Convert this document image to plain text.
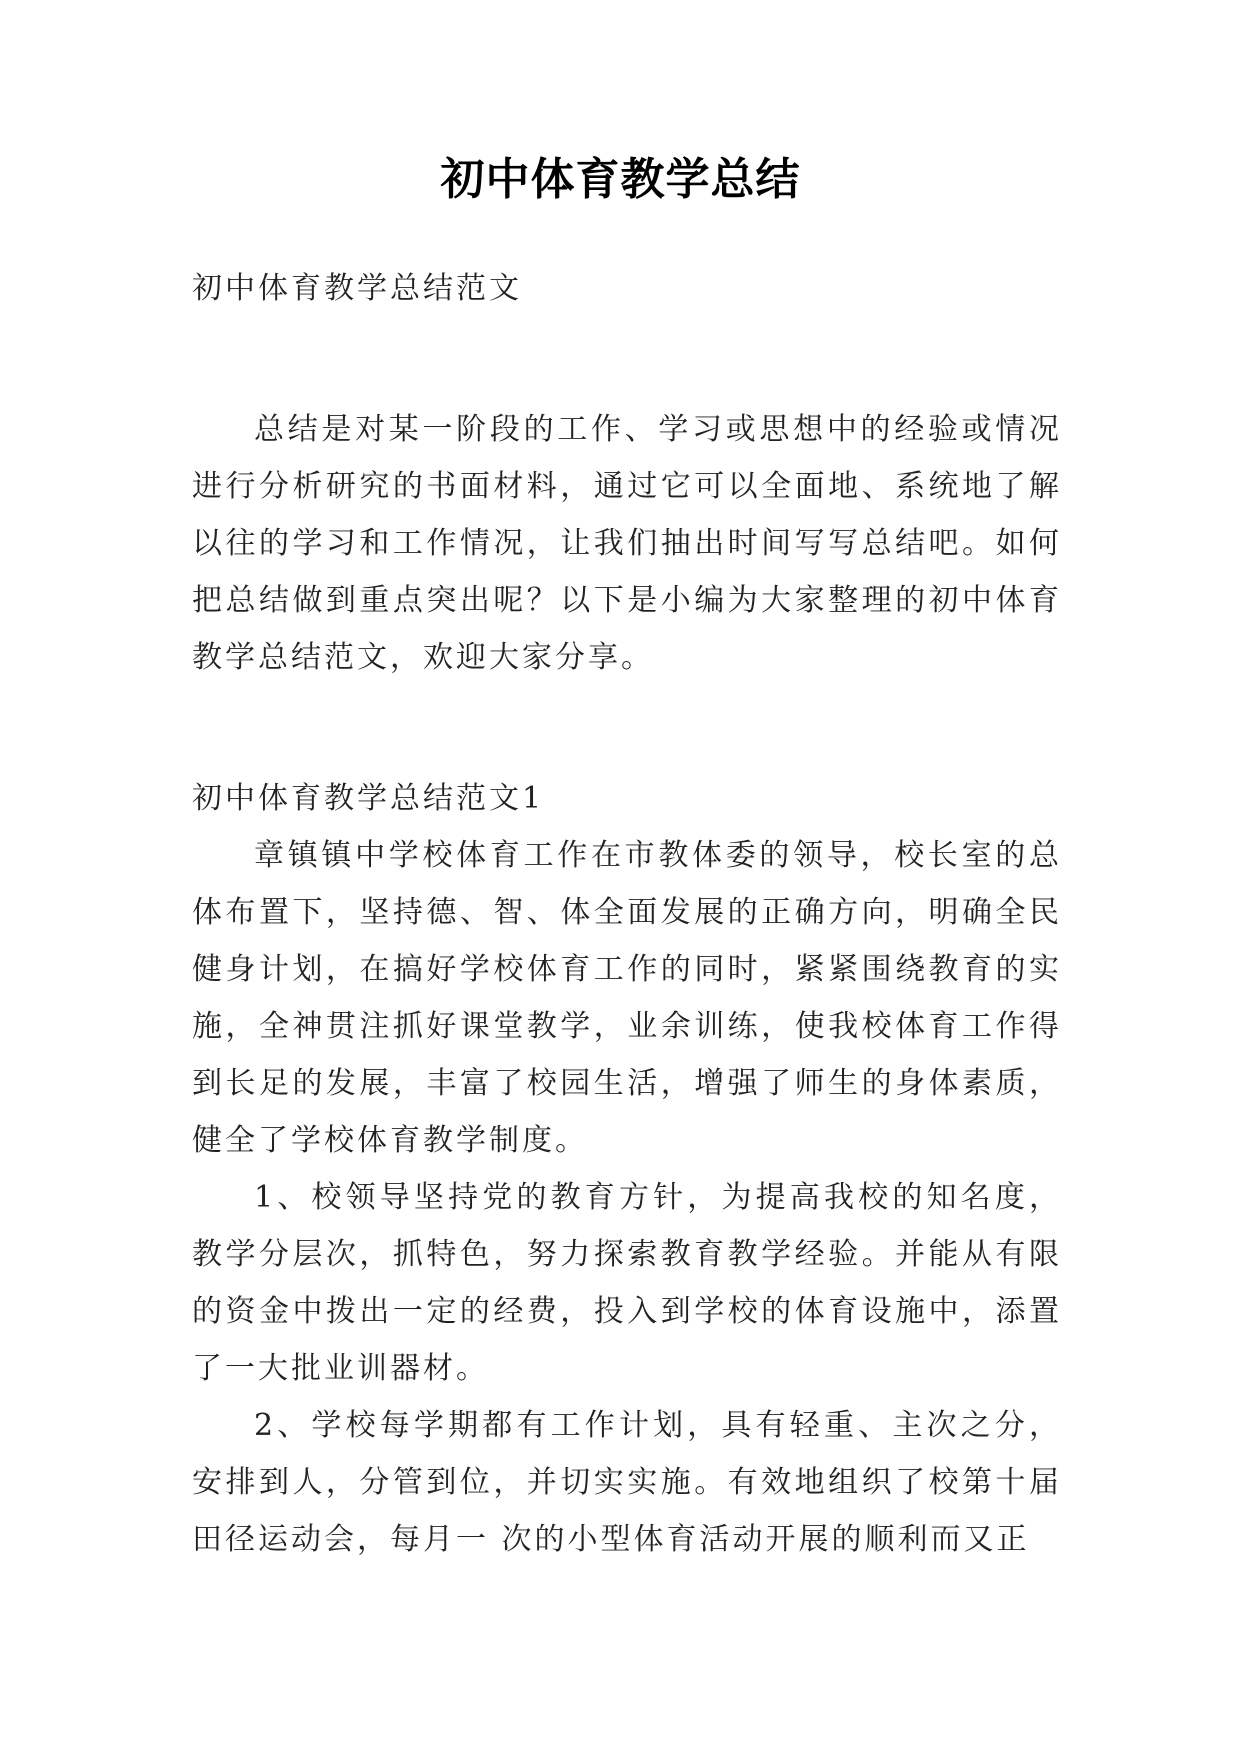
初中体育教学总结

初中体育教学总结范文

总结是对某一阶段的工作、学习或思想中的经验或情况进行分析研究的书面材料，通过它可以全面地、系统地了解以往的学习和工作情况，让我们抽出时间写写总结吧。如何把总结做到重点突出呢？以下是小编为大家整理的初中体育教学总结范文，欢迎大家分享。

初中体育教学总结范文1

章镇镇中学校体育工作在市教体委的领导，校长室的总体布置下，坚持德、智、体全面发展的正确方向，明确全民健身计划，在搞好学校体育工作的同时，紧紧围绕教育的实施，全神贯注抓好课堂教学，业余训练，使我校体育工作得到长足的发展，丰富了校园生活，增强了师生的身体素质，健全了学校体育教学制度。

1、校领导坚持党的教育方针，为提高我校的知名度，教学分层次，抓特色，努力探索教育教学经验。并能从有限的资金中拨出一定的经费，投入到学校的体育设施中，添置了一大批业训器材。

2、学校每学期都有工作计划，具有轻重、主次之分，安排到人，分管到位，并切实实施。有效地组织了校第十届田径运动会，每月一 次的小型体育活动开展的顺利而又正
